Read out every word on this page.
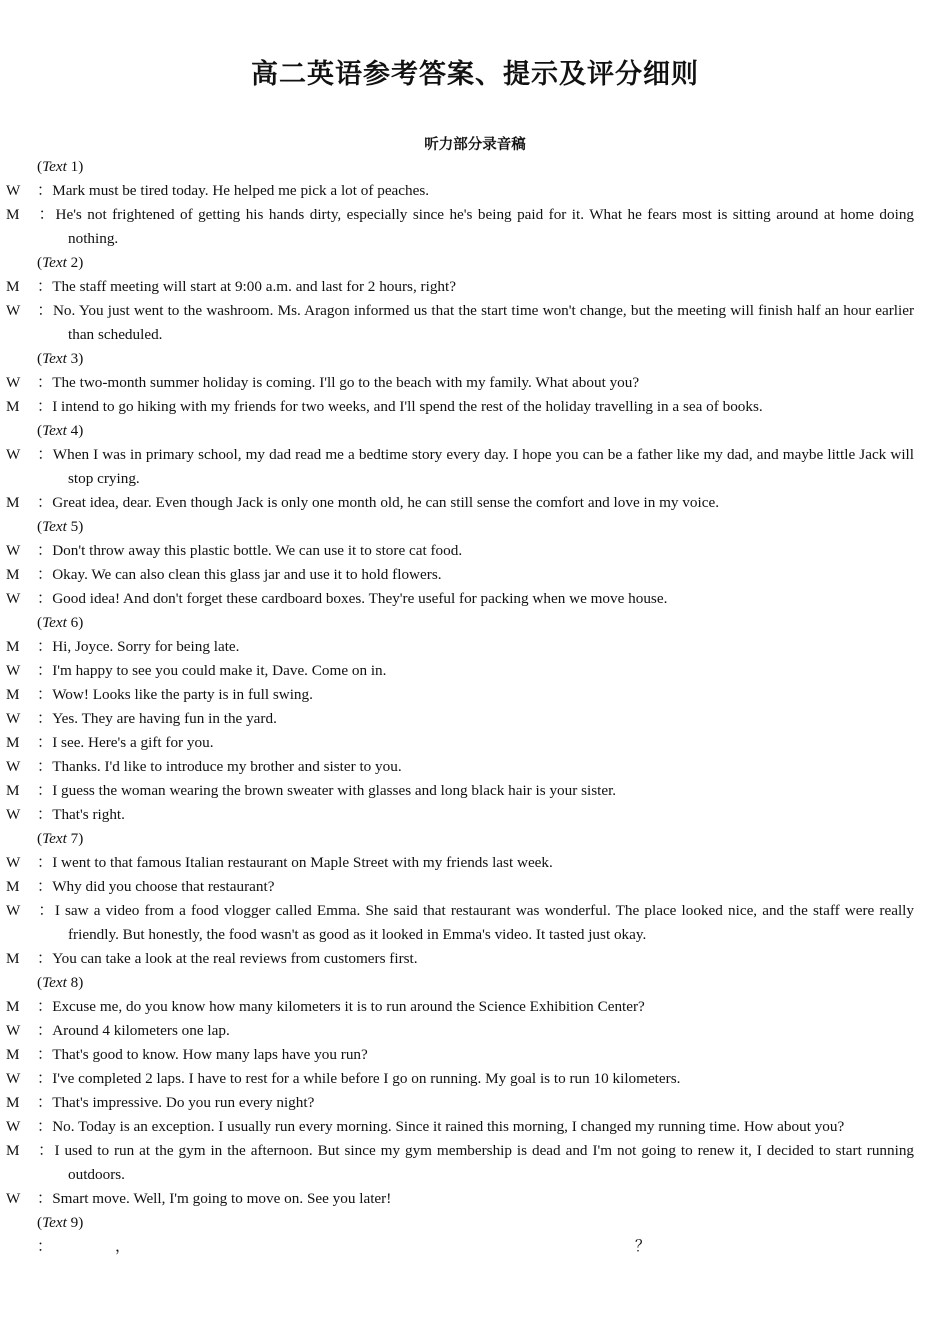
高二英语参考答案、提示及评分细则
听力部分录音稿
(Text 1)
W ：Mark must be tired today. He helped me pick a lot of peaches.
M ：He's not frightened of getting his hands dirty, especially since he's being paid for it. What he fears most is sitting around at home doing nothing.
(Text 2)
M ：The staff meeting will start at 9:00 a.m. and last for 2 hours, right?
W ：No. You just went to the washroom. Ms. Aragon informed us that the start time won't change, but the meeting will finish half an hour earlier than scheduled.
(Text 3)
W ：The two-month summer holiday is coming. I'll go to the beach with my family. What about you?
M ：I intend to go hiking with my friends for two weeks, and I'll spend the rest of the holiday travelling in a sea of books.
(Text 4)
W ：When I was in primary school, my dad read me a bedtime story every day. I hope you can be a father like my dad, and maybe little Jack will stop crying.
M ：Great idea, dear. Even though Jack is only one month old, he can still sense the comfort and love in my voice.
(Text 5)
W ：Don't throw away this plastic bottle. We can use it to store cat food.
M ：Okay. We can also clean this glass jar and use it to hold flowers.
W ：Good idea! And don't forget these cardboard boxes. They're useful for packing when we move house.
(Text 6)
M ：Hi, Joyce. Sorry for being late.
W ：I'm happy to see you could make it, Dave. Come on in.
M ：Wow! Looks like the party is in full swing.
W ：Yes. They are having fun in the yard.
M ：I see. Here's a gift for you.
W ：Thanks. I'd like to introduce my brother and sister to you.
M ：I guess the woman wearing the brown sweater with glasses and long black hair is your sister.
W ：That's right.
(Text 7)
W ：I went to that famous Italian restaurant on Maple Street with my friends last week.
M ：Why did you choose that restaurant?
W ：I saw a video from a food vlogger called Emma. She said that restaurant was wonderful. The place looked nice, and the staff were really friendly. But honestly, the food wasn't as good as it looked in Emma's video. It tasted just okay.
M ：You can take a look at the real reviews from customers first.
(Text 8)
M ：Excuse me, do you know how many kilometers it is to run around the Science Exhibition Center?
W ：Around 4 kilometers one lap.
M ：That's good to know. How many laps have you run?
W ：I've completed 2 laps. I have to rest for a while before I go on running. My goal is to run 10 kilometers.
M ：That's impressive. Do you run every night?
W ：No. Today is an exception. I usually run every morning. Since it rained this morning, I changed my running time. How about you?
M ：I used to run at the gym in the afternoon. But since my gym membership is dead and I'm not going to renew it, I decided to start running outdoors.
W ：Smart move. Well, I'm going to move on. See you later!
(Text 9)
：	，	？
